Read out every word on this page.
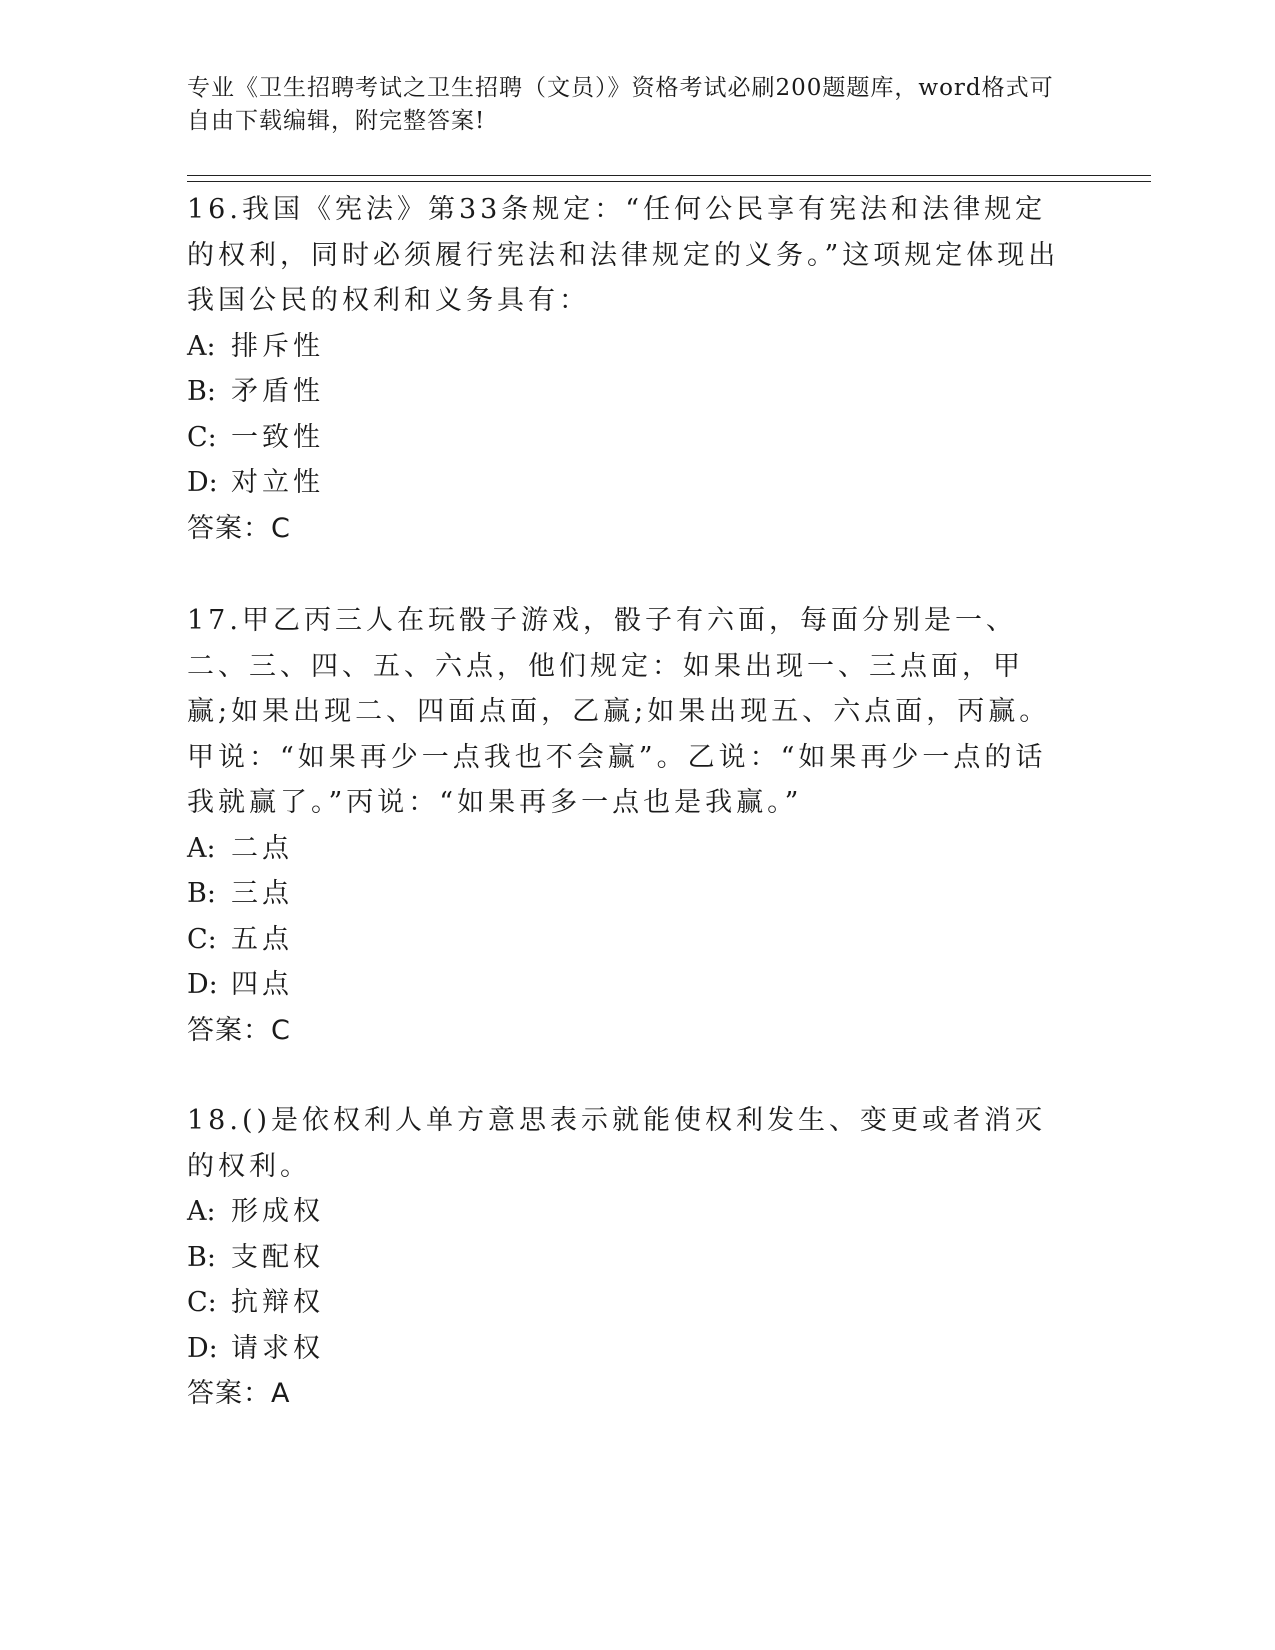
专业《卫生招聘考试之卫生招聘（文员）》资格考试必刷200题题库，word格式可自由下载编辑，附完整答案!

16.我国《宪法》第33条规定：“任何公民享有宪法和法律规定的权利，同时必须履行宪法和法律规定的义务。”这项规定体现出我国公民的权利和义务具有：

A: 排斥性

B: 矛盾性

C: 一致性

D: 对立性

答案：C

17.甲乙丙三人在玩骰子游戏，骰子有六面，每面分别是一、二、三、四、五、六点，他们规定：如果出现一、三点面，甲赢;如果出现二、四面点面，乙赢;如果出现五、六点面，丙赢。甲说：“如果再少一点我也不会赢”。乙说：“如果再少一点的话我就赢了。”丙说：“如果再多一点也是我赢。”

A: 二点

B: 三点

C: 五点

D: 四点

答案：C

18.()是依权利人单方意思表示就能使权利发生、变更或者消灭的权利。

A: 形成权

B: 支配权

C: 抗辩权

D: 请求权

答案：A
